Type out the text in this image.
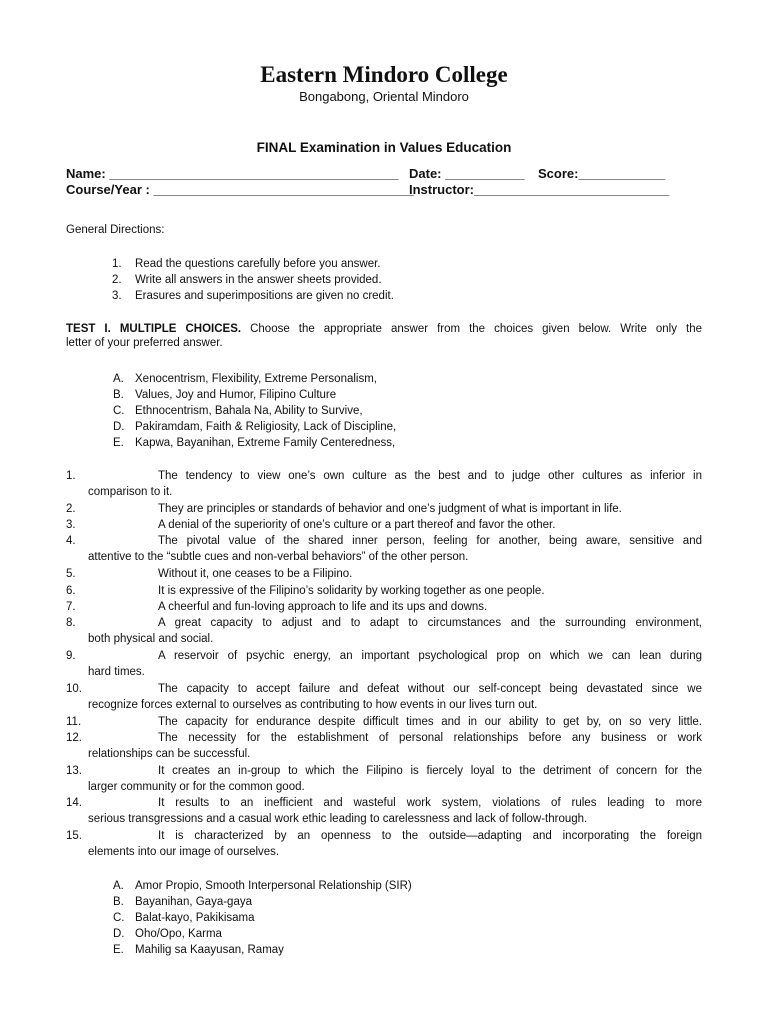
Eastern Mindoro College
Bongabong, Oriental Mindoro
FINAL Examination in Values Education
Name: ________________________________________ Date: ___________ Score:____________
Course/Year : ____________________________________
Instructor:___________________________
General Directions:
1. Read the questions carefully before you answer.
2. Write all answers in the answer sheets provided.
3. Erasures and superimpositions are given no credit.
TEST I. MULTIPLE CHOICES. Choose the appropriate answer from the choices given below. Write only the
letter of your preferred answer.
A. Xenocentrism, Flexibility, Extreme Personalism,
B. Values, Joy and Humor, Filipino Culture
C. Ethnocentrism, Bahala Na, Ability to Survive,
D. Pakiramdam, Faith & Religiosity, Lack of Discipline,
E. Kapwa, Bayanihan, Extreme Family Centeredness,
1.	The tendency to view one’s own culture as the best and to judge other cultures as inferior in
comparison to it.
2.	They are principles or standards of behavior and one’s judgment of what is important in life.
3.	A denial of the superiority of one’s culture or a part thereof and favor the other.
4.	The pivotal value of the shared inner person, feeling for another, being aware, sensitive and
attentive to the “subtle cues and non-verbal behaviors” of the other person.
5.	Without it, one ceases to be a Filipino.
6.	It is expressive of the Filipino’s solidarity by working together as one people.
7.	A cheerful and fun-loving approach to life and its ups and downs.
8.	A great capacity to adjust and to adapt to circumstances and the surrounding environment,
both physical and social.
9.	A reservoir of psychic energy, an important psychological prop on which we can lean during
hard times.
10.	The capacity to accept failure and defeat without our self-concept being devastated since we
recognize forces external to ourselves as contributing to how events in our lives turn out.
11.	The capacity for endurance despite difficult times and in our ability to get by, on so very little.
12.	The necessity for the establishment of personal relationships before any business or work
relationships can be successful.
13.	It creates an in-group to which the Filipino is fiercely loyal to the detriment of concern for the
larger community or for the common good.
14.	It results to an inefficient and wasteful work system, violations of rules leading to more
serious transgressions and a casual work ethic leading to carelessness and lack of follow-through.
15.	It is characterized by an openness to the outside—adapting and incorporating the foreign
elements into our image of ourselves.
A. Amor Propio, Smooth Interpersonal Relationship (SIR)
B. Bayanihan, Gaya-gaya
C. Balat-kayo, Pakikisama
D. Oho/Opo, Karma
E. Mahilig sa Kaayusan, Ramay
